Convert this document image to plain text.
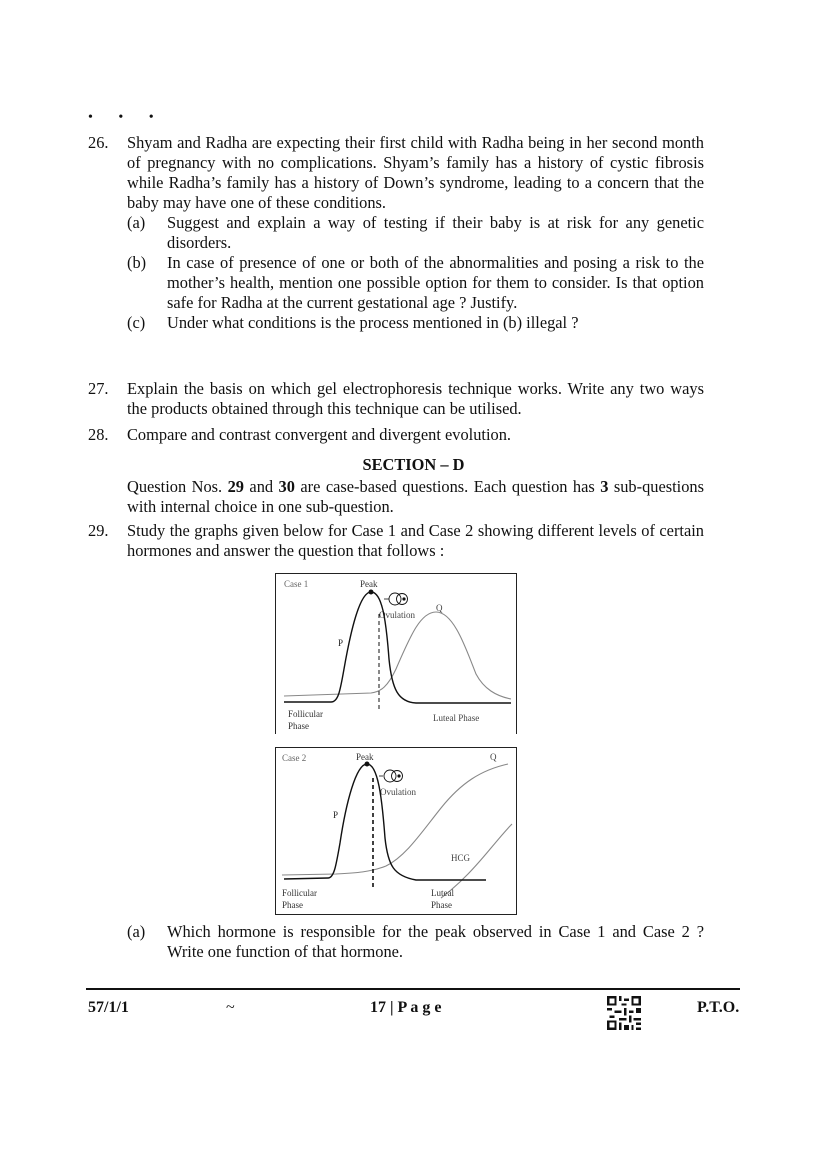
• • •
26. Shyam and Radha are expecting their first child with Radha being in her second month of pregnancy with no complications. Shyam’s family has a history of cystic fibrosis while Radha’s family has a history of Down’s syndrome, leading to a concern that the baby may have one of these conditions.
(a) Suggest and explain a way of testing if their baby is at risk for any genetic disorders.
(b) In case of presence of one or both of the abnormalities and posing a risk to the mother’s health, mention one possible option for them to consider. Is that option safe for Radha at the current gestational age ? Justify.
(c) Under what conditions is the process mentioned in (b) illegal ?
27. Explain the basis on which gel electrophoresis technique works. Write any two ways the products obtained through this technique can be utilised.
28. Compare and contrast convergent and divergent evolution.
SECTION – D
Question Nos. 29 and 30 are case-based questions. Each question has 3 sub-questions with internal choice in one sub-question.
29. Study the graphs given below for Case 1 and Case 2 showing different levels of certain hormones and answer the question that follows :
Case 1	Peak
Ovulation
Q
P
Follicular
Phase
Luteal Phase
Case 2	Peak
Ovulation
Q
P
HCG
Follicular
Phase
Luteal
Phase
(a) Which hormone is responsible for the peak observed in Case 1 and Case 2 ? Write one function of that hormone.
57/1/1	~	17 | P a g e	P.T.O.
